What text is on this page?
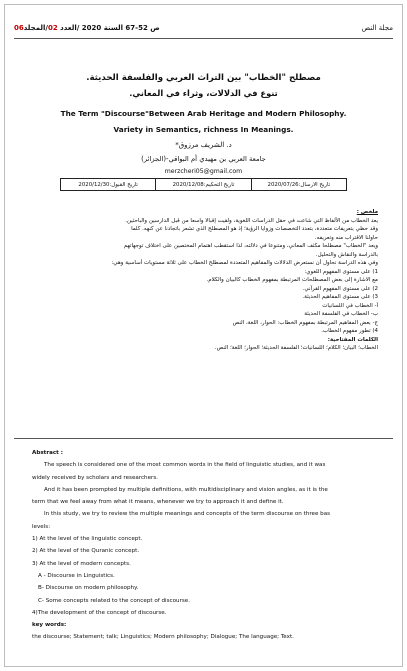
ص 52-67 السنة 2020 /العدد 02/المجلد06	مجلة النص
مصطلح "الخطاب" بين التراث العربي والفلسفة الحديثة.
تنوع في الدلالات، وثراء في المعاني.
The Term "Discourse"Between Arab Heritage and Modern Philosophy.
Variety in Semantics, richness In Meanings.
د. الشريف مرزوق*
جامعة العربي بن مهيدي أم البواقي-(الجزائر)
merzcheri05@gmail.com
تاريخ الارسال:2020/07/26	تاريخ التحكيم:2020/12/08	تاريخ القبول:2020/12/30

ملخص :

يعد الخطاب من الألفاظ التي شاعت في حقل الدراسات اللغوية، ولقيت إقبالا واسعا من قبل الدارسين والباحثين.

وقد حظي بتعريفات متعددة، بتعدد التخصصات وزوايا الرؤية؛ إذ هو المصطلح الذي تشعر باتجادنا عن كنهه. كلما

حاولنا الاقتراب منه وتعريفه.

ويعد "الخطاب" مصطلحا مكثف المعاني، ومتنوعا في دلالته، لذا استقطب اهتمام المختصين على اختلاف توجهاتهم

بالدراسة والنقاش والتحليل.

وفي هذه الدراسة نحاول أن نستعرض الدلالات والمفاهيم المتعددة لمصطلح الخطاب على ثلاثة مستويات أساسية وهي:

1) على مستوى المفهوم اللغوي:

مع الاشارة إلى بعض المصطلحات المرتبطة بمفهوم الخطاب كالبيان والكلام.

2) على مستوى المفهوم القرآني.

3) على مستوى المفاهيم الحديثة.

أ- الخطاب في اللسانيات

ب- الخطاب في الفلسفة الحديثة

ج- بعض المفاهيم المرتبطة بمفهوم الخطاب: الحوار، اللغة، النص

4) تطور مفهوم الخطاب.

الكلمات المفتاحية:

الخطاب؛ البيان؛ الكلام؛ اللسانيات؛ الفلسفة الحديثة؛ الحوار؛ اللغة؛ النص.

Abstract :

The speech is considered one of the most common words in the field of linguistic studies, and it was

widely received by scholars and researchers.

And it has been prompted by multiple definitions, with multidisciplinary and vision angles, as it is the

term that we feel away from what it means, whenever we try to approach it and define it.

In this study, we try to review the multiple meanings and concepts of the term discourse on three bas

levels:

1) At the level of the linguistic concept.

2) At the level of the Quranic concept.

3) At the level of modern concepts.

A - Discourse in Linguistics.

B- Discourse on modern philosophy.

C- Some concepts related to the concept of discourse.

4)The development of the concept of discourse.

key words:

the discourse; Statement; talk; Linguistics; Modern philosophy; Dialogue; The language; Text.
